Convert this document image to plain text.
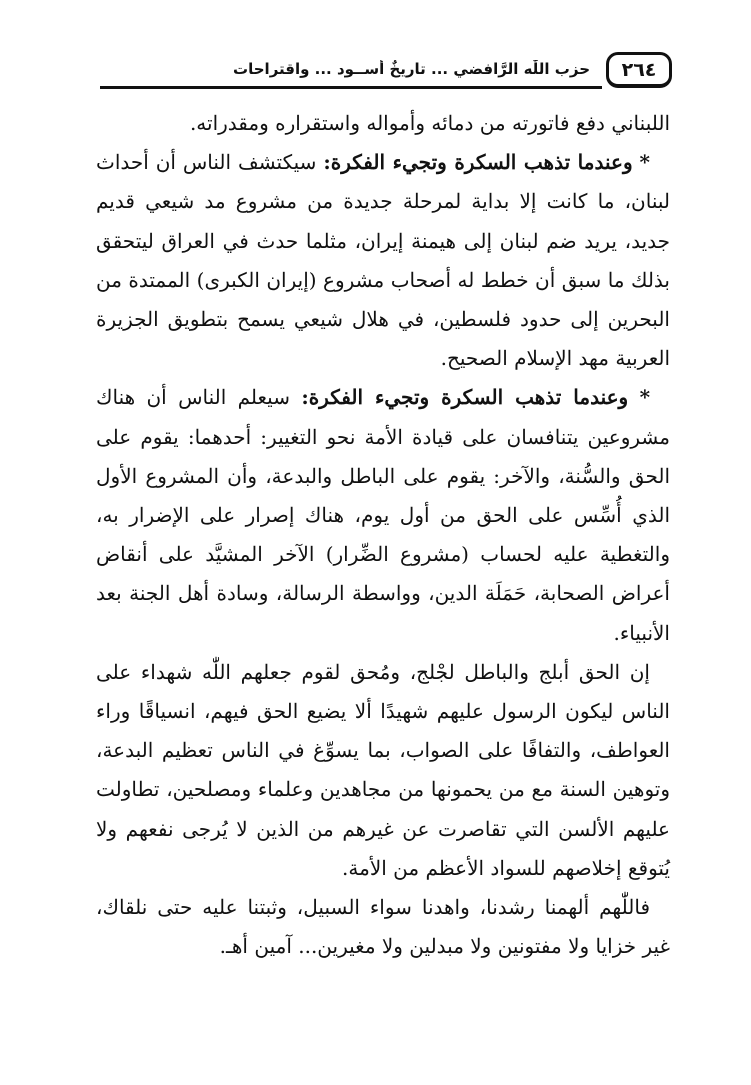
٢٦٤
حزب اللّٰه الرَّافضي ... تاريخٌ أســود ... واقتراحات

اللبناني دفع فاتورته من دمائه وأمواله واستقراره ومقدراته.

* وعندما تذهب السكرة وتجيء الفكرة: سيكتشف الناس أن أحداث لبنان، ما كانت إلا بداية لمرحلة جديدة من مشروع مد شيعي قديم جديد، يريد ضم لبنان إلى هيمنة إيران، مثلما حدث في العراق ليتحقق بذلك ما سبق أن خطط له أصحاب مشروع (إيران الكبرى) الممتدة من البحرين إلى حدود فلسطين، في هلال شيعي يسمح بتطويق الجزيرة العربية مهد الإسلام الصحيح.

* وعندما تذهب السكرة وتجيء الفكرة: سيعلم الناس أن هناك مشروعين يتنافسان على قيادة الأمة نحو التغيير: أحدهما: يقوم على الحق والسُّنة، والآخر: يقوم على الباطل والبدعة، وأن المشروع الأول الذي أُسِّس على الحق من أول يوم، هناك إصرار على الإضرار به، والتغطية عليه لحساب (مشروع الضِّرار) الآخر المشيَّد على أنقاض أعراض الصحابة، حَمَلَة الدين، وواسطة الرسالة، وسادة أهل الجنة بعد الأنبياء.

إن الحق أبلج والباطل لجْلج، ومُحق لقوم جعلهم اللّٰه شهداء على الناس ليكون الرسول عليهم شهيدًا ألا يضيع الحق فيهم، انسياقًا وراء العواطف، والتفافًا على الصواب، بما يسوِّغ في الناس تعظيم البدعة، وتوهين السنة مع من يحمونها من مجاهدين وعلماء ومصلحين، تطاولت عليهم الألسن التي تقاصرت عن غيرهم من الذين لا يُرجى نفعهم ولا يُتوقع إخلاصهم للسواد الأعظم من الأمة.

فاللّٰهم ألهمنا رشدنا، واهدنا سواء السبيل، وثبتنا عليه حتى نلقاك، غير خزايا ولا مفتونين ولا مبدلين ولا مغيرين... آمين أهـ.
